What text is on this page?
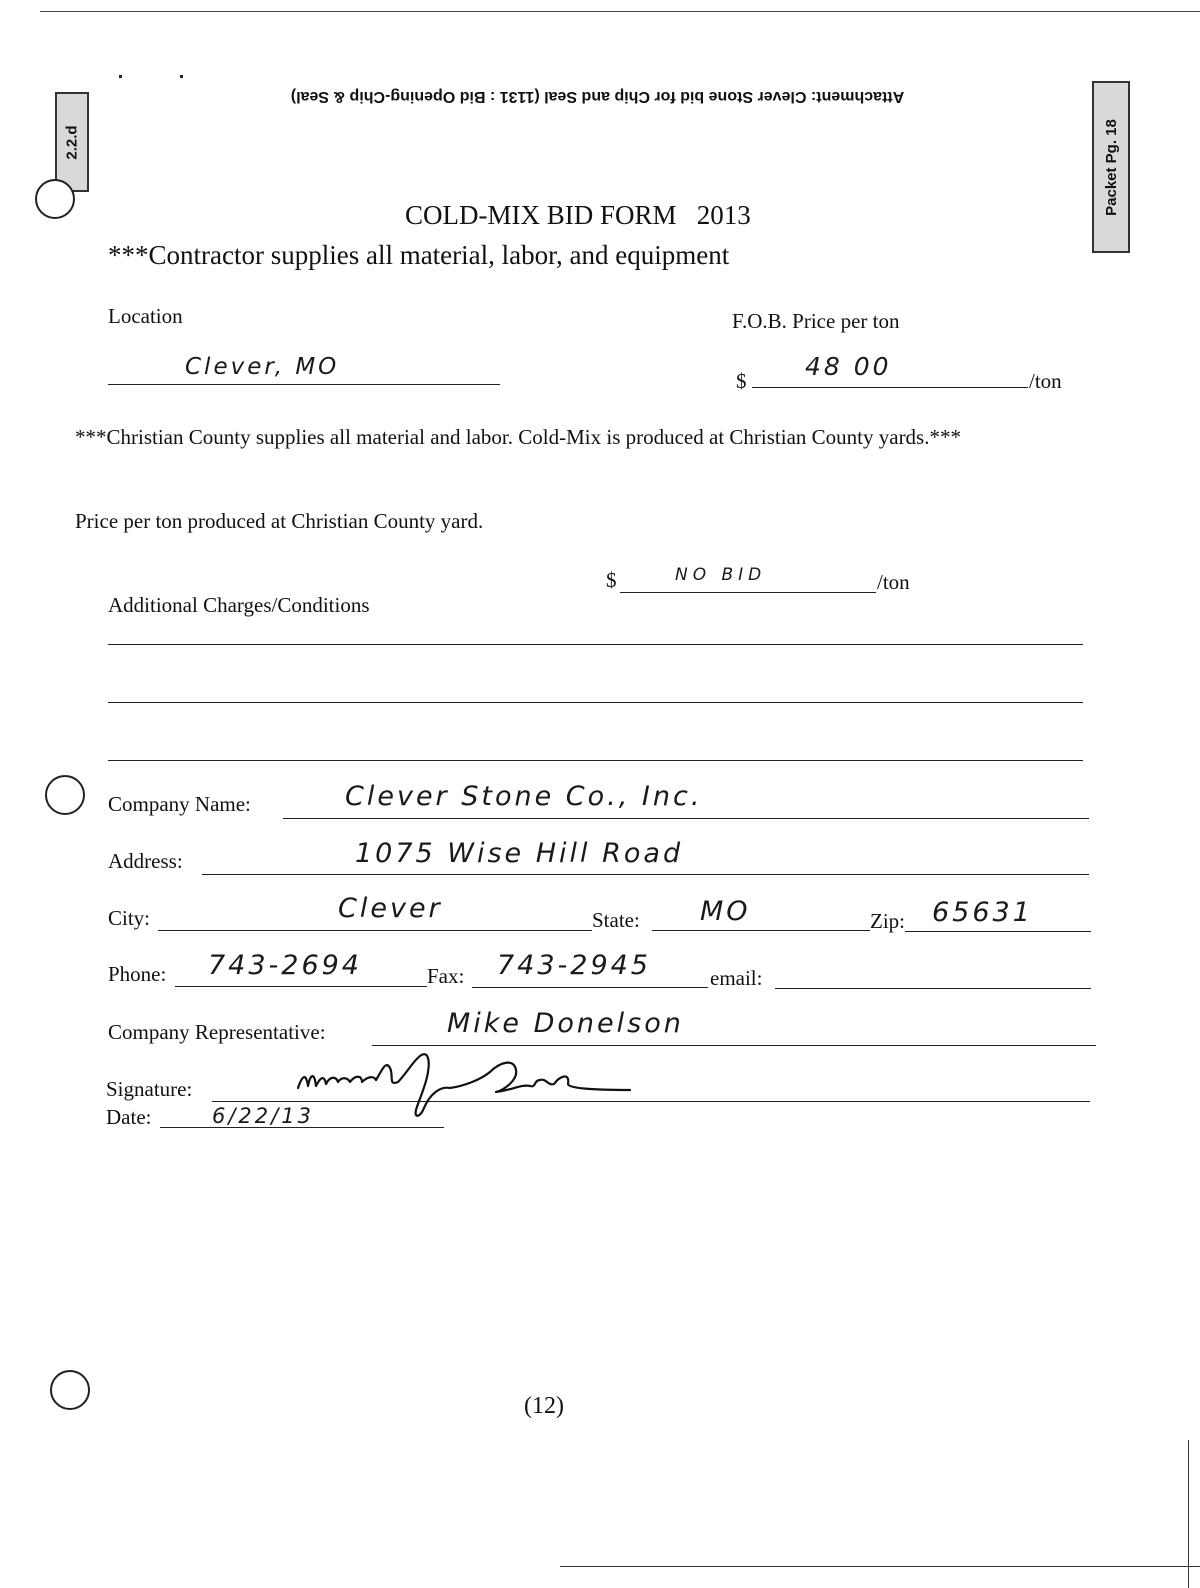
Attachment: Clever Stone bid for Chip and Seal (1131 : Bid Opening-Chip & Seal)
2.2.d	Packet Pg. 18
COLD-MIX BID FORM   2013
***Contractor supplies all material, labor, and equipment
Location
Clever, MO
F.O.B. Price per ton
$ 48 00	/ton
***Christian County supplies all material and labor. Cold-Mix is produced at Christian County yards.***
Price per ton produced at Christian County yard.
$	NO BID	/ton
Additional Charges/Conditions
Company Name:	Clever Stone Co., Inc.
Address:	1075 Wise Hill Road
City:	Clever	State: MO	Zip: 65631
Phone: 743-2694	Fax: 743-2945	email:
Company Representative:	Mike Donelson
Signature:
Date:	6/22/13
(12)
